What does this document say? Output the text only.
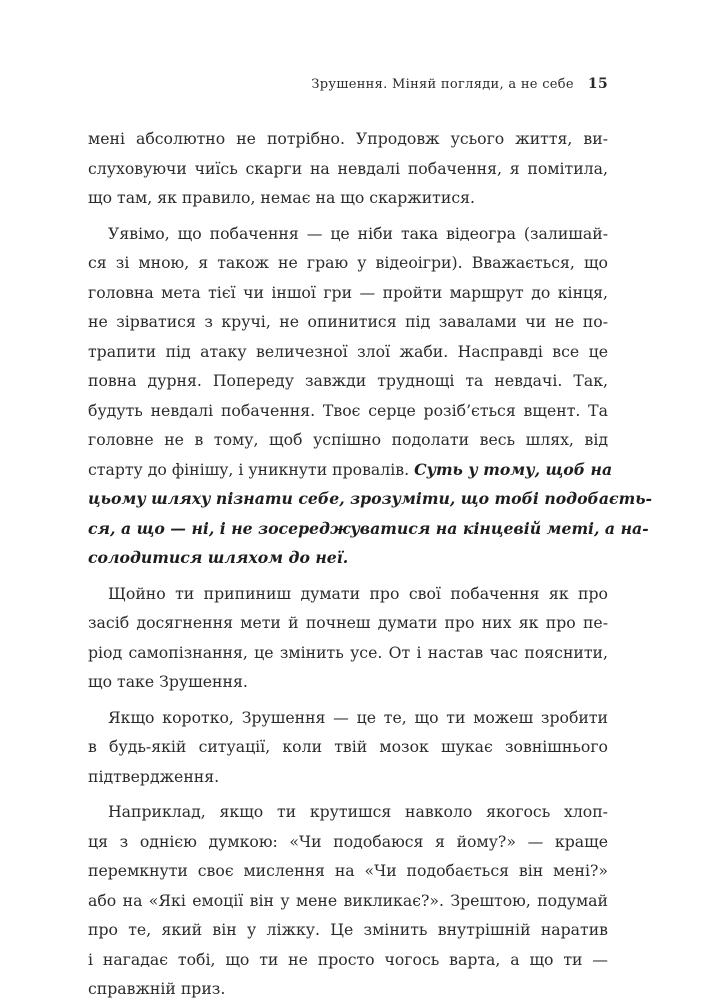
Зрушення. Міняй погляди, а не себе 15
мені абсолютно не потрібно. Упродовж усього життя, ви-
слуховуючи чиїсь скарги на невдалі побачення, я помітила,
що там, як правило, немає на що скаржитися.
Уявімо, що побачення — це ніби така відеогра (залишай-
ся зі мною, я також не граю у відеоігри). Вважається, що
головна мета тієї чи іншої гри — пройти маршрут до кінця,
не зірватися з кручі, не опинитися під завалами чи не по-
трапити під атаку величезної злої жаби. Насправді все це
повна дурня. Попереду завжди труднощі та невдачі. Так,
будуть невдалі побачення. Твоє серце розіб’ється вщент. Та
головне не в тому, щоб успішно подолати весь шлях, від
старту до фінішу, і уникнути провалів. Суть у тому, щоб на
цьому шляху пізнати себе, зрозуміти, що тобі подобаєть-
ся, а що — ні, і не зосереджуватися на кінцевій меті, а на-
солодитися шляхом до неї.
Щойно ти припиниш думати про свої побачення як про
засіб досягнення мети й почнеш думати про них як про пе-
ріод самопізнання, це змінить усе. От і настав час пояснити,
що таке Зрушення.
Якщо коротко, Зрушення — це те, що ти можеш зробити
в будь-якій ситуації, коли твій мозок шукає зовнішнього
підтвердження.
Наприклад, якщо ти крутишся навколо якогось хлоп-
ця з однією думкою: «Чи подобаюся я йому?» — краще
перемкнути своє мислення на «Чи подобається він мені?»
або на «Які емоції він у мене викликає?». Зрештою, подумай
про те, який він у ліжку. Це змінить внутрішній наратив
і нагадає тобі, що ти не просто чогось варта, а що ти —
справжній приз.
